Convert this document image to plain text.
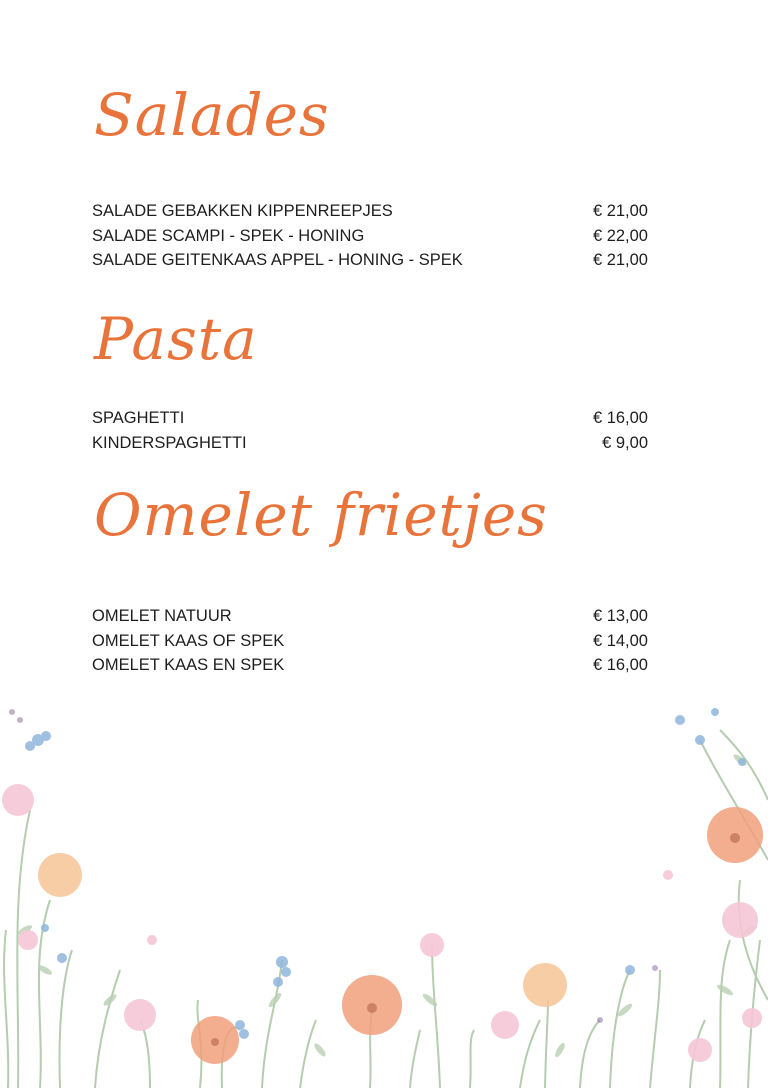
Salades
SALADE GEBAKKEN KIPPENREEPJES	€ 21,00
SALADE SCAMPI - SPEK - HONING	€ 22,00
SALADE GEITENKAAS APPEL - HONING - SPEK	€ 21,00
Pasta
SPAGHETTI	€ 16,00
KINDERSPAGHETTI	€ 9,00
Omelet frietjes
OMELET NATUUR	€ 13,00
OMELET KAAS OF SPEK	€ 14,00
OMELET KAAS EN SPEK	€ 16,00
